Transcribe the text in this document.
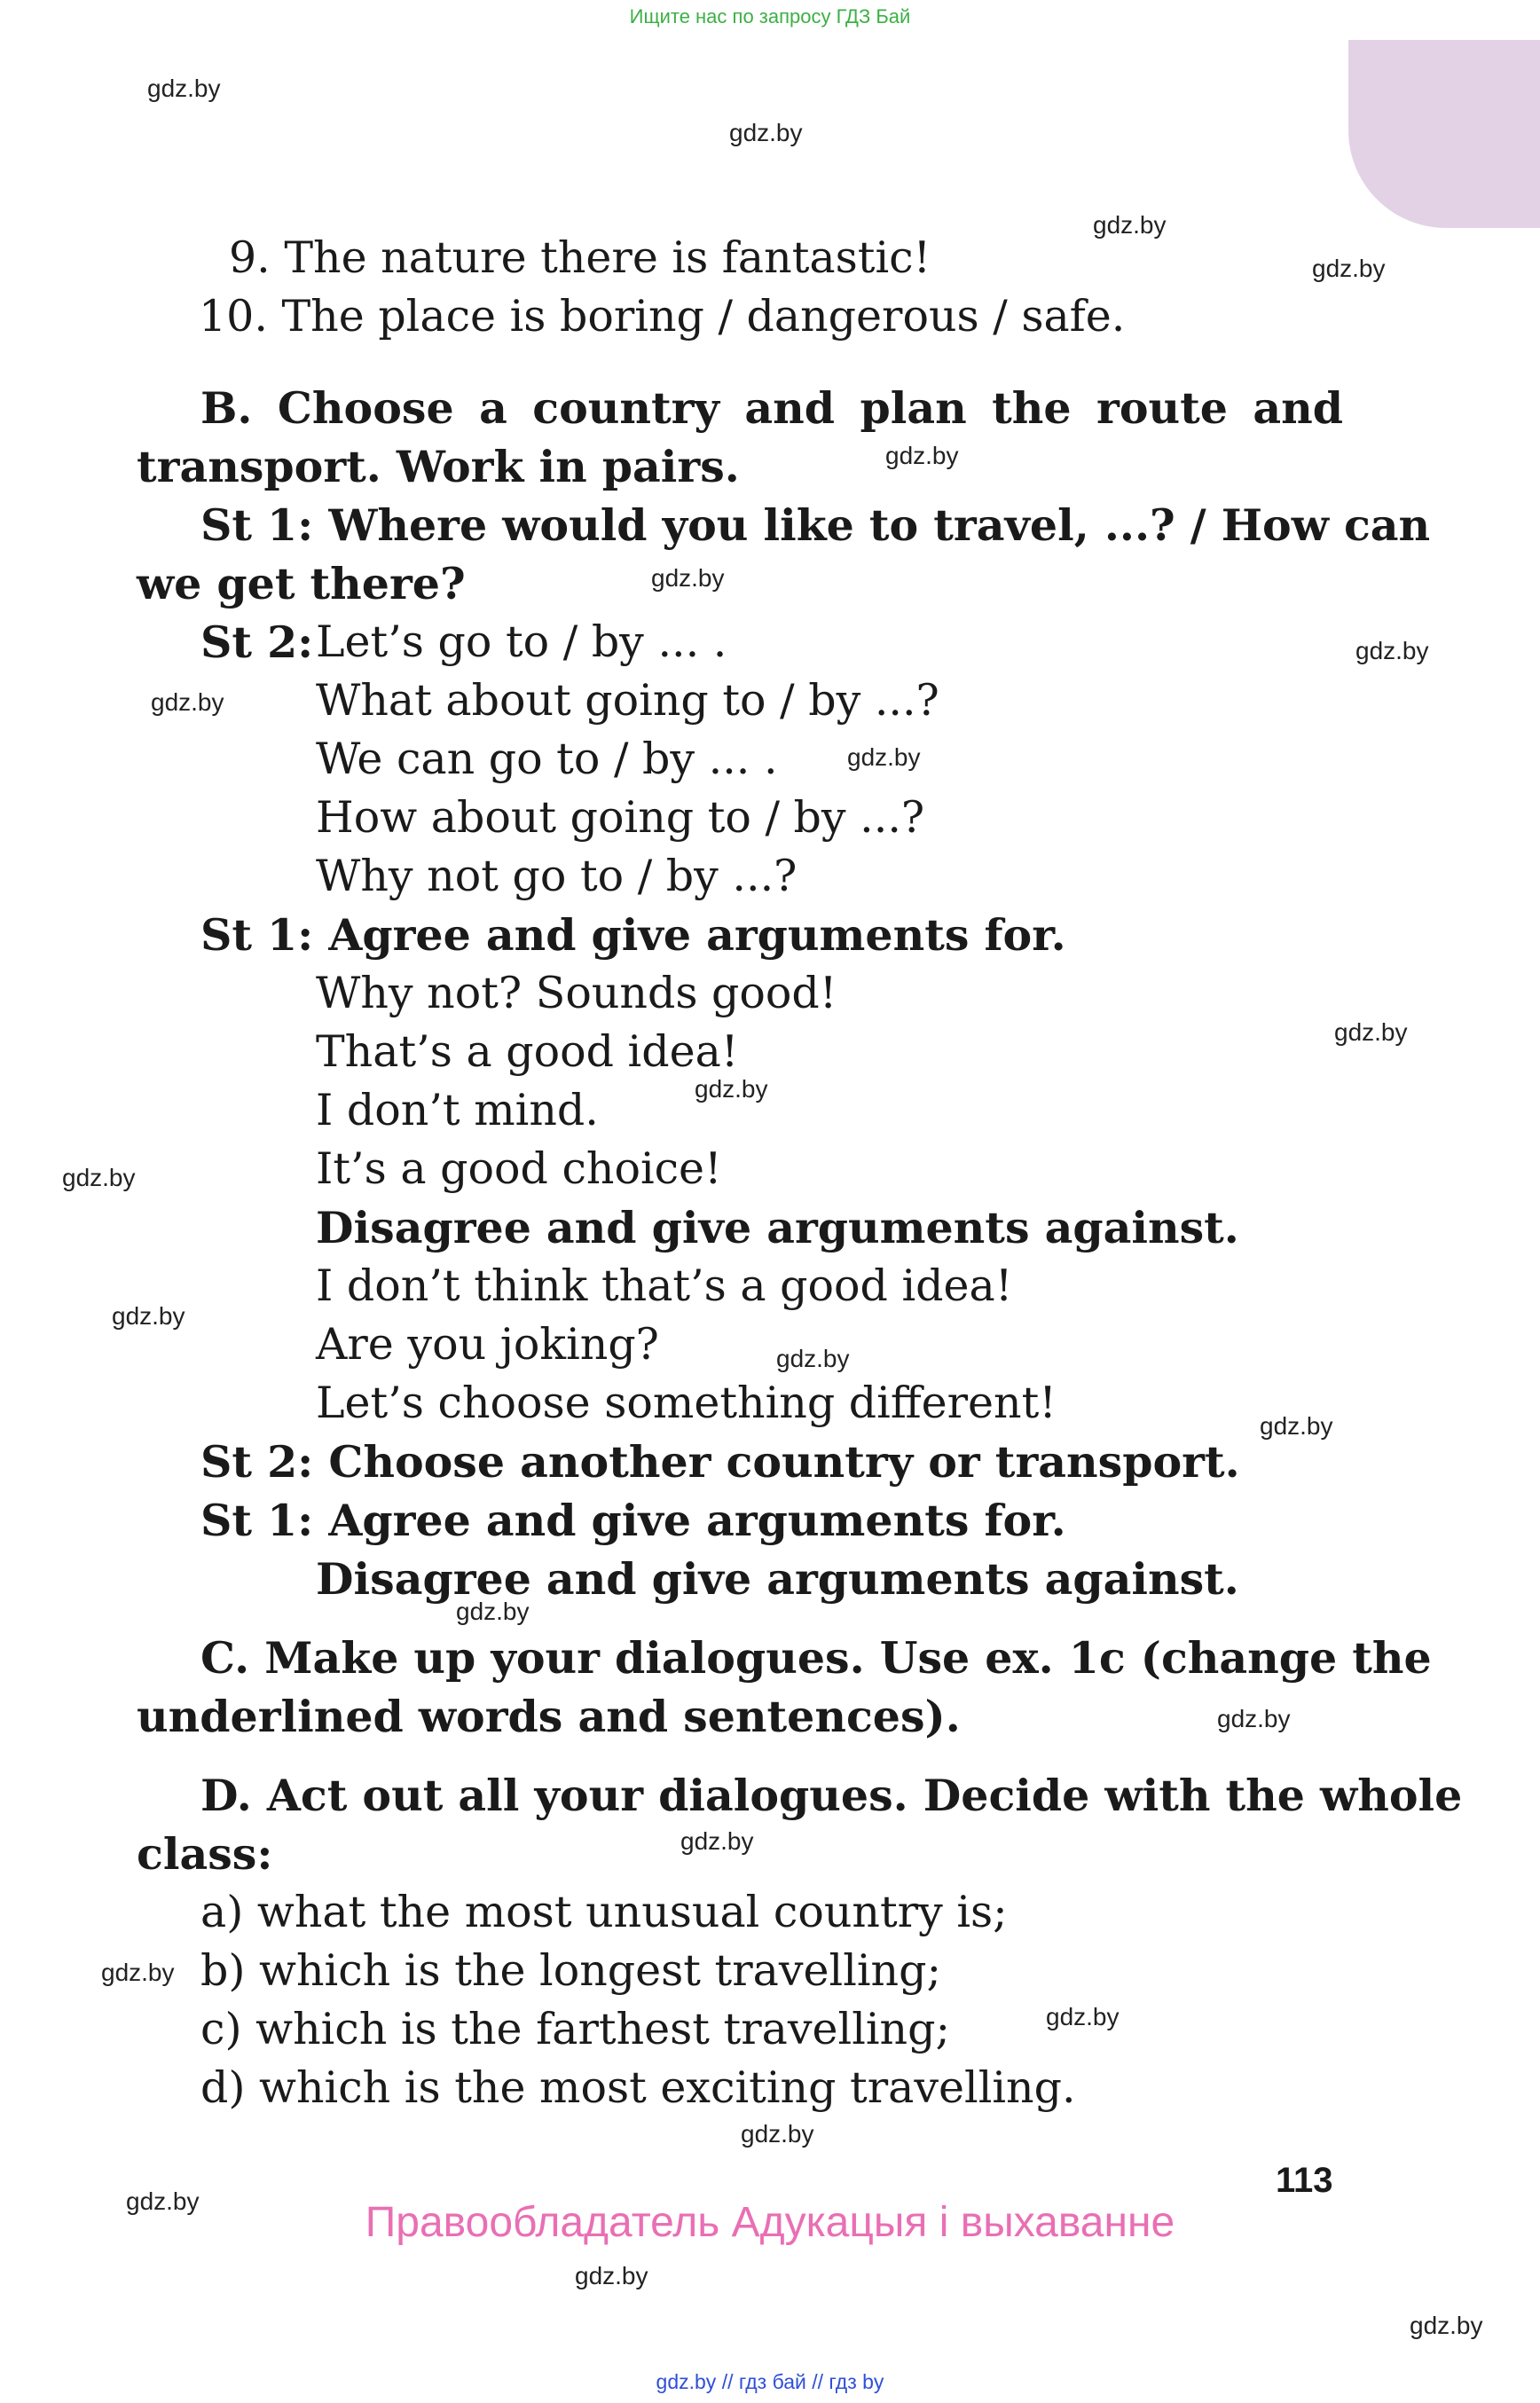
Ищите нас по запросу ГДЗ Бай
gdz.by
gdz.by
gdz.by
gdz.by
gdz.by
gdz.by
gdz.by
gdz.by
gdz.by
gdz.by
gdz.by
gdz.by
gdz.by
gdz.by
gdz.by
gdz.by
gdz.by
gdz.by
gdz.by
gdz.by
gdz.by
gdz.by
gdz.by
gdz.by
9. The nature there is fantastic!
10. The place is boring / dangerous / safe.
B. Choose a country and plan the route and
transport. Work in pairs.
St 1: Where would you like to travel, ...? / How can
we get there?
St 2: Let’s go to / by ... .
What about going to / by ...?
We can go to / by ... .
How about going to / by ...?
Why not go to / by ...?
St 1: Agree and give arguments for.
Why not? Sounds good!
That’s a good idea!
I don’t mind.
It’s a good choice!
Disagree and give arguments against.
I don’t think that’s a good idea!
Are you joking?
Let’s choose something different!
St 2: Choose another country or transport.
St 1: Agree and give arguments for.
Disagree and give arguments against.
C. Make up your dialogues. Use ex. 1c (change the
underlined words and sentences).
D. Act out all your dialogues. Decide with the whole
class:
a) what the most unusual country is;
b) which is the longest travelling;
c) which is the farthest travelling;
d) which is the most exciting travelling.
113
Правообладатель Адукацыя і выхаванне
gdz.by // гдз бай // гдз by
